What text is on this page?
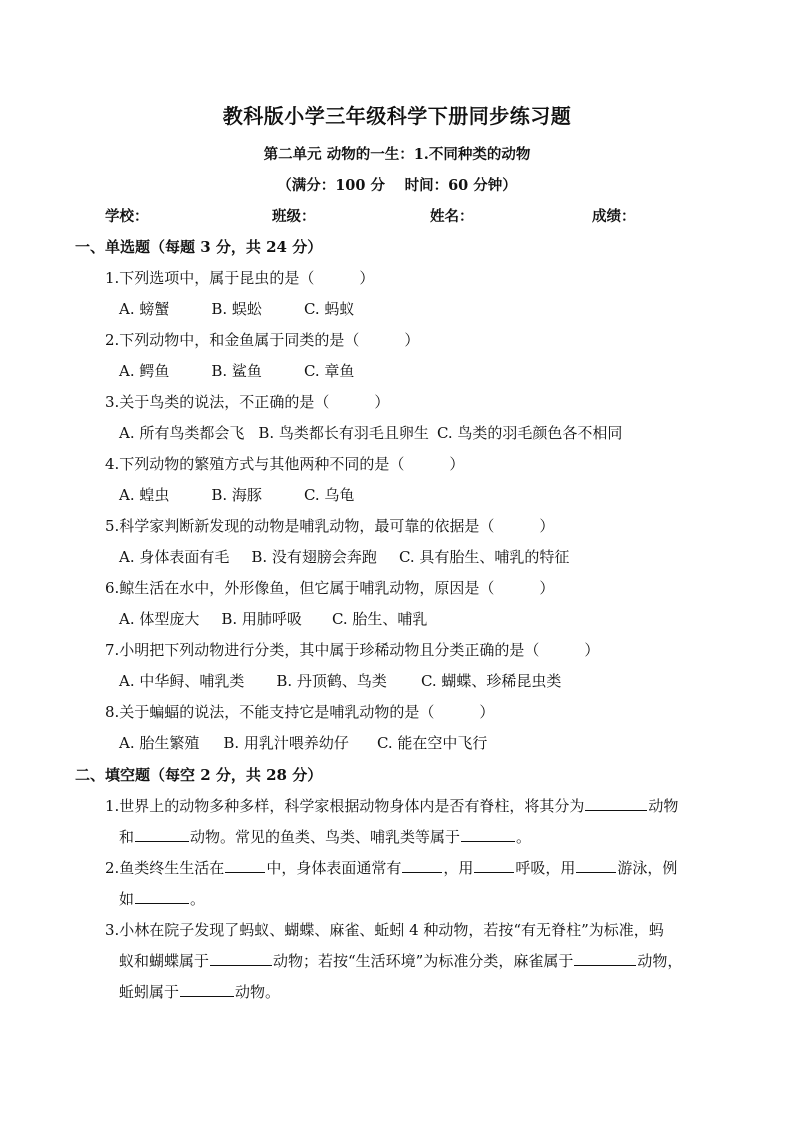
教科版小学三年级科学下册同步练习题
第二单元 动物的一生：1.不同种类的动物
（满分：100 分　 时间：60 分钟）
学校：	班级：	姓名：	成绩：
一、单选题（每题 3 分，共 24 分）
1.下列选项中，属于昆虫的是（　　　）
A. 螃蟹	B. 蜈蚣	C. 蚂蚁
2.下列动物中，和金鱼属于同类的是（　　　）
A. 鳄鱼	B. 鲨鱼	C. 章鱼
3.关于鸟类的说法，不正确的是（　　　）
A. 所有鸟类都会飞 B. 鸟类都长有羽毛且卵生 C. 鸟类的羽毛颜色各不相同
4.下列动物的繁殖方式与其他两种不同的是（　　　）
A. 蝗虫	B. 海豚	C. 乌龟
5.科学家判断新发现的动物是哺乳动物，最可靠的依据是（　　　）
A. 身体表面有毛 B. 没有翅膀会奔跑 C. 具有胎生、哺乳的特征
6.鲸生活在水中，外形像鱼，但它属于哺乳动物，原因是（　　　）
A. 体型庞大 B. 用肺呼吸 C. 胎生、哺乳
7.小明把下列动物进行分类，其中属于珍稀动物且分类正确的是（　　　）
A. 中华鲟、哺乳类 B. 丹顶鹤、鸟类 C. 蝴蝶、珍稀昆虫类
8.关于蝙蝠的说法，不能支持它是哺乳动物的是（　　　）
A. 胎生繁殖 B. 用乳汁喂养幼仔 C. 能在空中飞行
二、填空题（每空 2 分，共 28 分）
1.世界上的动物多种多样，科学家根据动物身体内是否有脊柱，将其分为	动物
和	动物。常见的鱼类、鸟类、哺乳类等属于	。
2.鱼类终生生活在	中，身体表面通常有	，用	呼吸，用	游泳，例
如	。
3.小林在院子发现了蚂蚁、蝴蝶、麻雀、蚯蚓 4 种动物，若按“有无脊柱”为标准，蚂
蚁和蝴蝶属于	动物；若按“生活环境”为标准分类，麻雀属于	动物，
蚯蚓属于	动物。
